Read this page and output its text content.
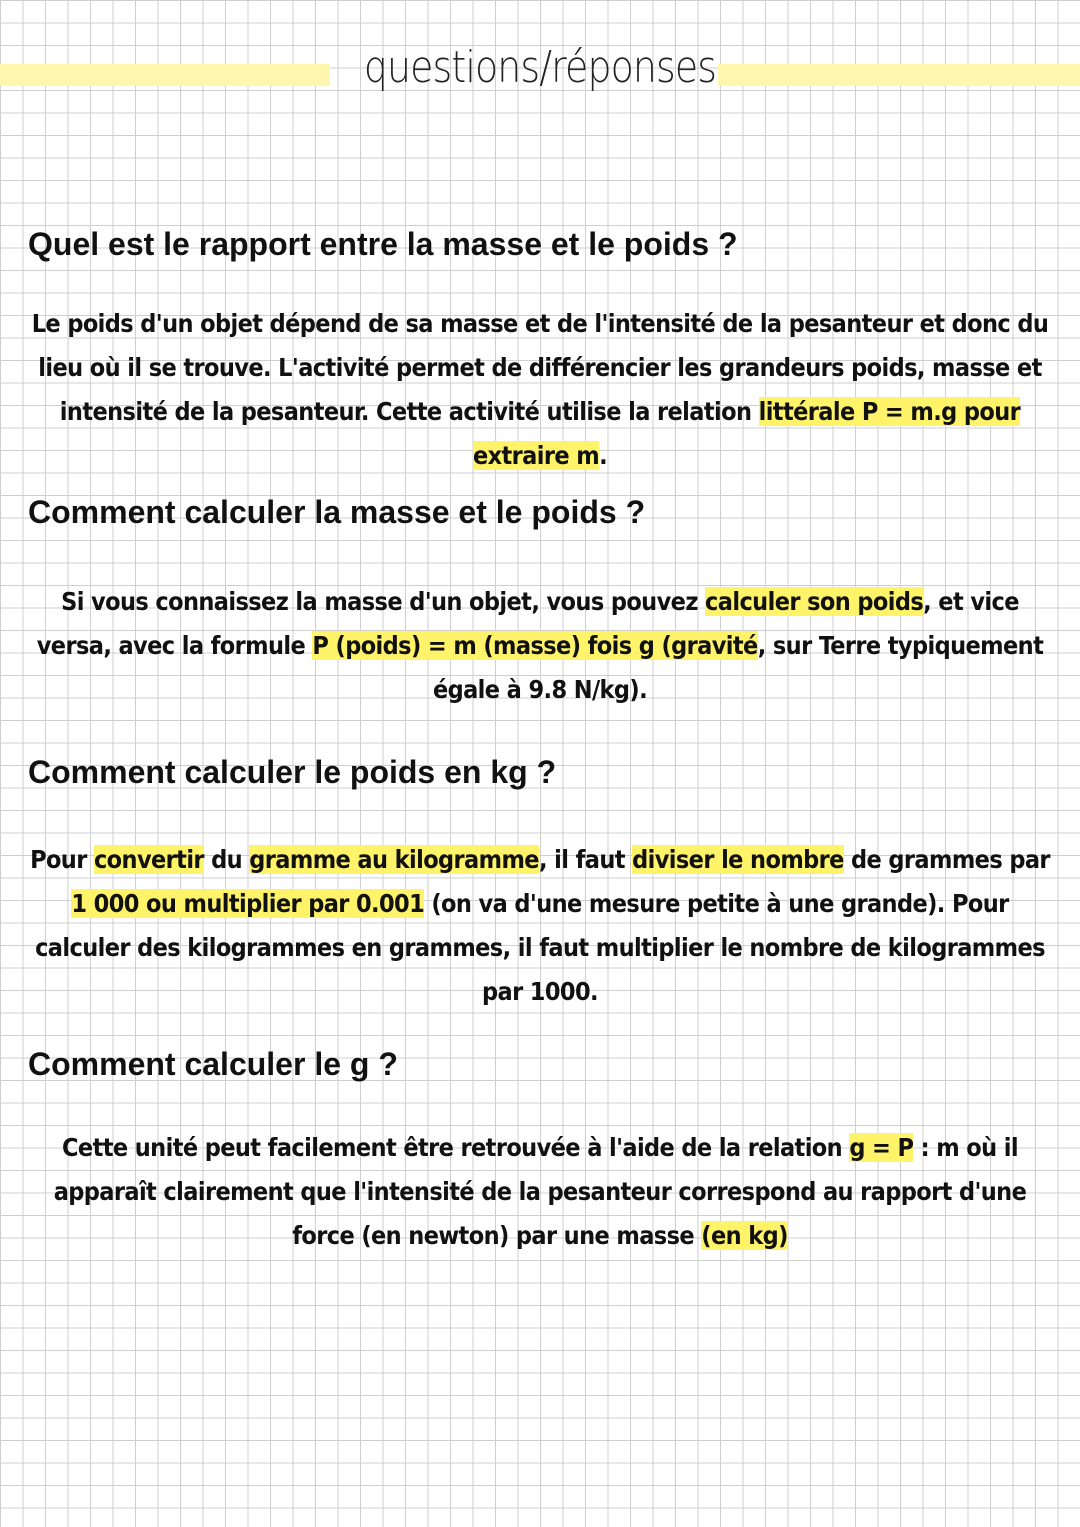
questions/réponses
Quel est le rapport entre la masse et le poids ?

Le poids d'un objet dépend de sa masse et de l'intensité de la pesanteur et donc du lieu où il se trouve. L'activité permet de différencier les grandeurs poids, masse et intensité de la pesanteur. Cette activité utilise la relation littérale P = m.g pour extraire m.

Comment calculer la masse et le poids ?

Si vous connaissez la masse d'un objet, vous pouvez calculer son poids, et vice versa, avec la formule P (poids) = m (masse) fois g (gravité, sur Terre typiquement égale à 9.8 N/kg).

Comment calculer le poids en kg ?

Pour convertir du gramme au kilogramme, il faut diviser le nombre de grammes par 1 000 ou multiplier par 0.001 (on va d'une mesure petite à une grande). Pour calculer des kilogrammes en grammes, il faut multiplier le nombre de kilogrammes par 1000.

Comment calculer le g ?

Cette unité peut facilement être retrouvée à l'aide de la relation g = P : m où il apparaît clairement que l'intensité de la pesanteur correspond au rapport d'une force (en newton) par une masse (en kg)
